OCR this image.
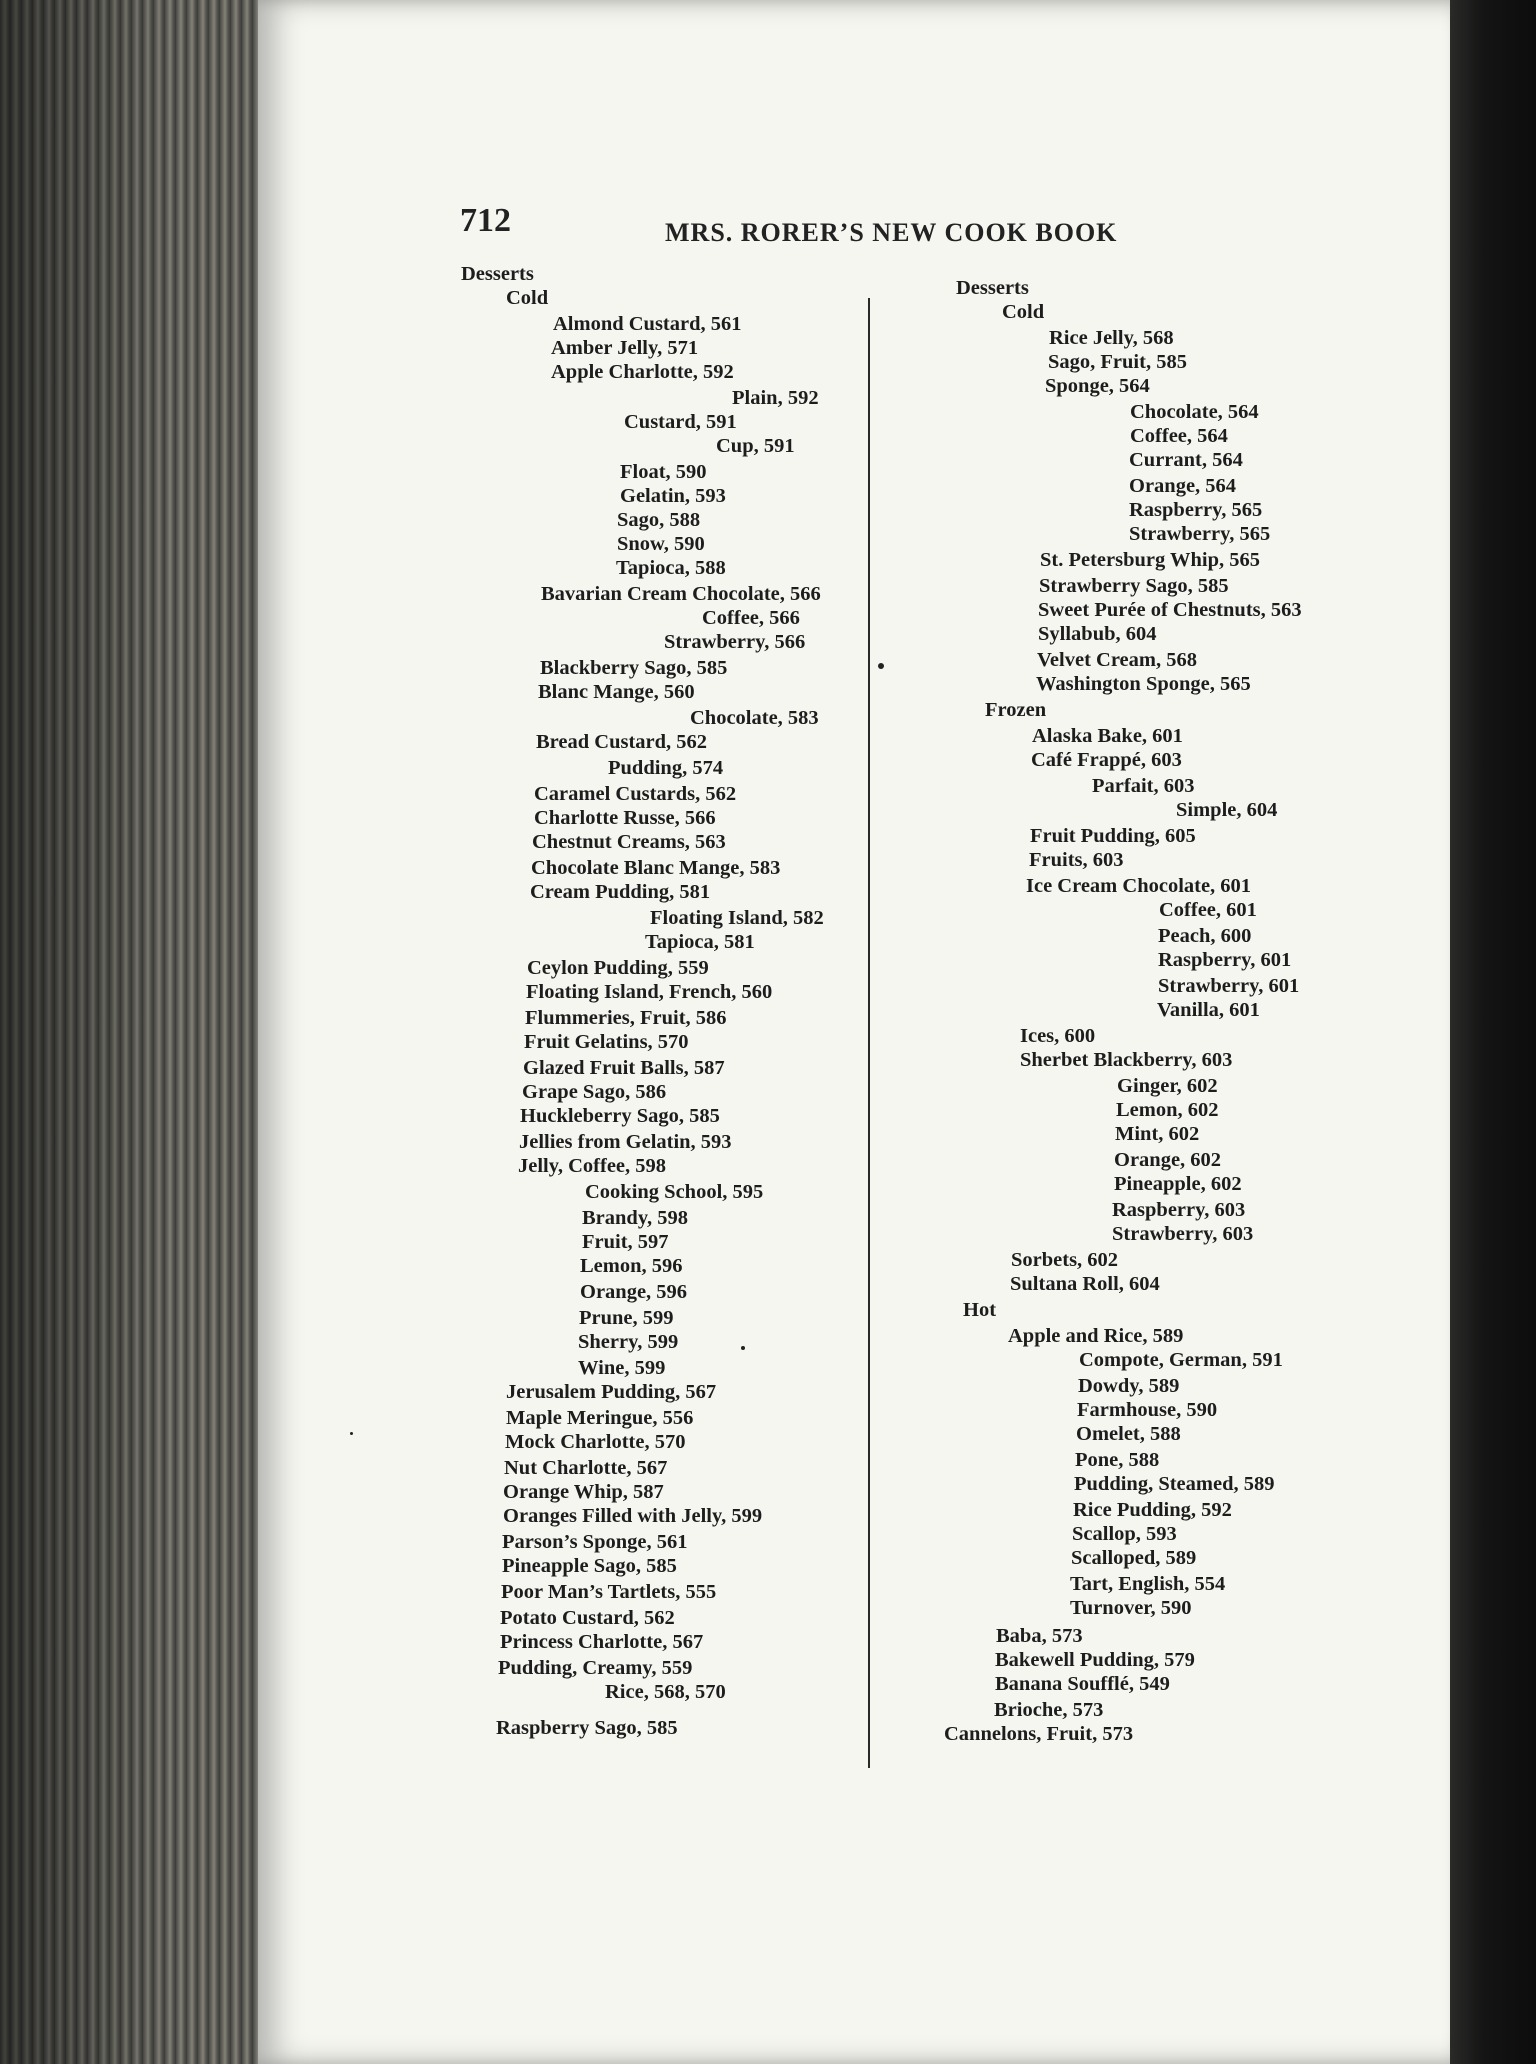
712	MRS. RORER’S NEW COOK BOOK
Desserts
Cold
Almond Custard, 561
Amber Jelly, 571
Apple Charlotte, 592
Plain, 592
Custard, 591
Cup, 591
Float, 590
Gelatin, 593
Sago, 588
Snow, 590
Tapioca, 588
Bavarian Cream Chocolate, 566
Coffee, 566
Strawberry, 566
Blackberry Sago, 585
Blanc Mange, 560
Chocolate, 583
Bread Custard, 562
Pudding, 574
Caramel Custards, 562
Charlotte Russe, 566
Chestnut Creams, 563
Chocolate Blanc Mange, 583
Cream Pudding, 581
Floating Island, 582
Tapioca, 581
Ceylon Pudding, 559
Floating Island, French, 560
Flummeries, Fruit, 586
Fruit Gelatins, 570
Glazed Fruit Balls, 587
Grape Sago, 586
Huckleberry Sago, 585
Jellies from Gelatin, 593
Jelly, Coffee, 598
Cooking School, 595
Brandy, 598
Fruit, 597
Lemon, 596
Orange, 596
Prune, 599
Sherry, 599
Wine, 599
Jerusalem Pudding, 567
Maple Meringue, 556
Mock Charlotte, 570
Nut Charlotte, 567
Orange Whip, 587
Oranges Filled with Jelly, 599
Parson’s Sponge, 561
Pineapple Sago, 585
Poor Man’s Tartlets, 555
Potato Custard, 562
Princess Charlotte, 567
Pudding, Creamy, 559
Rice, 568, 570
Raspberry Sago, 585
Desserts
Cold
Rice Jelly, 568
Sago, Fruit, 585
Sponge, 564
Chocolate, 564
Coffee, 564
Currant, 564
Orange, 564
Raspberry, 565
Strawberry, 565
St. Petersburg Whip, 565
Strawberry Sago, 585
Sweet Purée of Chestnuts, 563
Syllabub, 604
Velvet Cream, 568
Washington Sponge, 565
Frozen
Alaska Bake, 601
Café Frappé, 603
Parfait, 603
Simple, 604
Fruit Pudding, 605
Fruits, 603
Ice Cream Chocolate, 601
Coffee, 601
Peach, 600
Raspberry, 601
Strawberry, 601
Vanilla, 601
Ices, 600
Sherbet Blackberry, 603
Ginger, 602
Lemon, 602
Mint, 602
Orange, 602
Pineapple, 602
Raspberry, 603
Strawberry, 603
Sorbets, 602
Sultana Roll, 604
Hot
Apple and Rice, 589
Compote, German, 591
Dowdy, 589
Farmhouse, 590
Omelet, 588
Pone, 588
Pudding, Steamed, 589
Rice Pudding, 592
Scallop, 593
Scalloped, 589
Tart, English, 554
Turnover, 590
Baba, 573
Bakewell Pudding, 579
Banana Soufflé, 549
Brioche, 573
Cannelons, Fruit, 573
